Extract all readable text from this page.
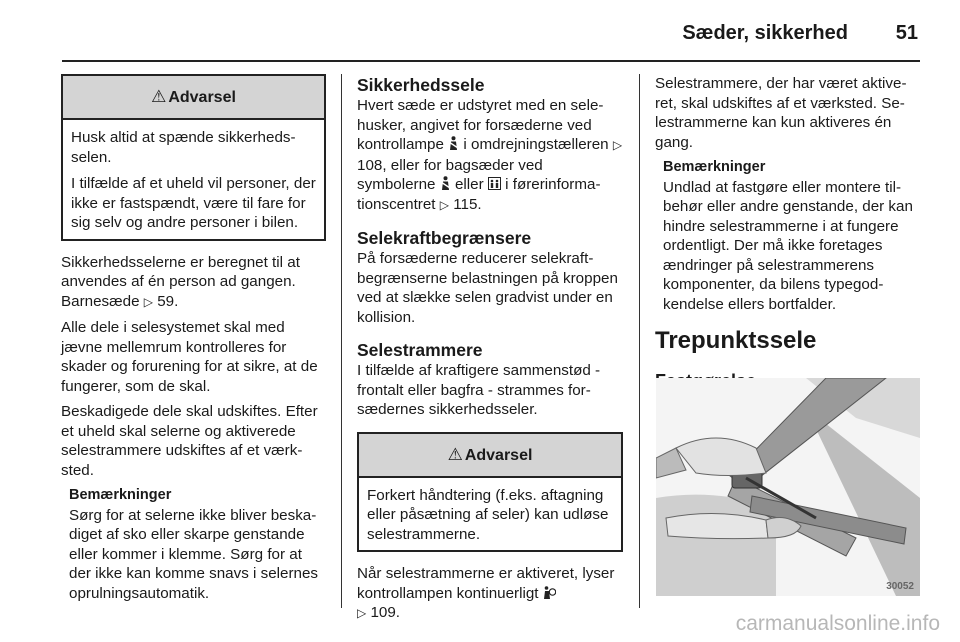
Sæder, sikkerhed 51
⚠ Advarsel

Husk altid at spænde sikkerhedsselen.

I tilfælde af et uheld vil personer, der ikke er fastspændt, være til fare for sig selv og andre personer i bilen.

Sikkerhedsselerne er beregnet til at anvendes af én person ad gangen. Barnesæde ▷ 59.

Alle dele i selesystemet skal med jævne mellemrum kontrolleres for skader og forurening for at sikre, at de fungerer, som de skal.

Beskadigede dele skal udskiftes. Efter et uheld skal selerne og aktiverede selestrammere udskiftes af et værksted.

Bemærkninger
Sørg for at selerne ikke bliver beskadiget af sko eller skarpe genstande eller kommer i klemme. Sørg for at der ikke kan komme snavs i selernes oprulningsautomatik.
Sikkerhedssele

Hvert sæde er udstyret med en selehusker, angivet for forsæderne ved kontrollampe i omdrejningstælleren ▷ 108, eller for bagsæder ved symbolerne eller i førerinformationscentret ▷ 115.

Selekraftbegrænsere

På forsæderne reducerer selekraftbegrænserne belastningen på kroppen ved at slække selen gradvist under en kollision.

Selestrammere

I tilfælde af kraftigere sammenstød - frontalt eller bagfra - strammes forsædernes sikkerhedsseler.

⚠ Advarsel

Forkert håndtering (f.eks. aftagning eller påsætning af seler) kan udløse selestrammerne.

Når selestrammerne er aktiveret, lyser kontrollampen kontinuerligt
▷ 109.

Selestrammere, der har været aktiveret, skal udskiftes af et værksted. Selestrammerne kan kun aktiveres én gang.

Bemærkninger
Undlad at fastgøre eller montere tilbehør eller andre genstande, der kan hindre selestrammerne i at fungere ordentligt. Der må ikke foretages ændringer på selestrammerens komponenter, da bilens typegodkendelse ellers bortfalder.
Trepunktssele
30052
carmanualsonline.info
